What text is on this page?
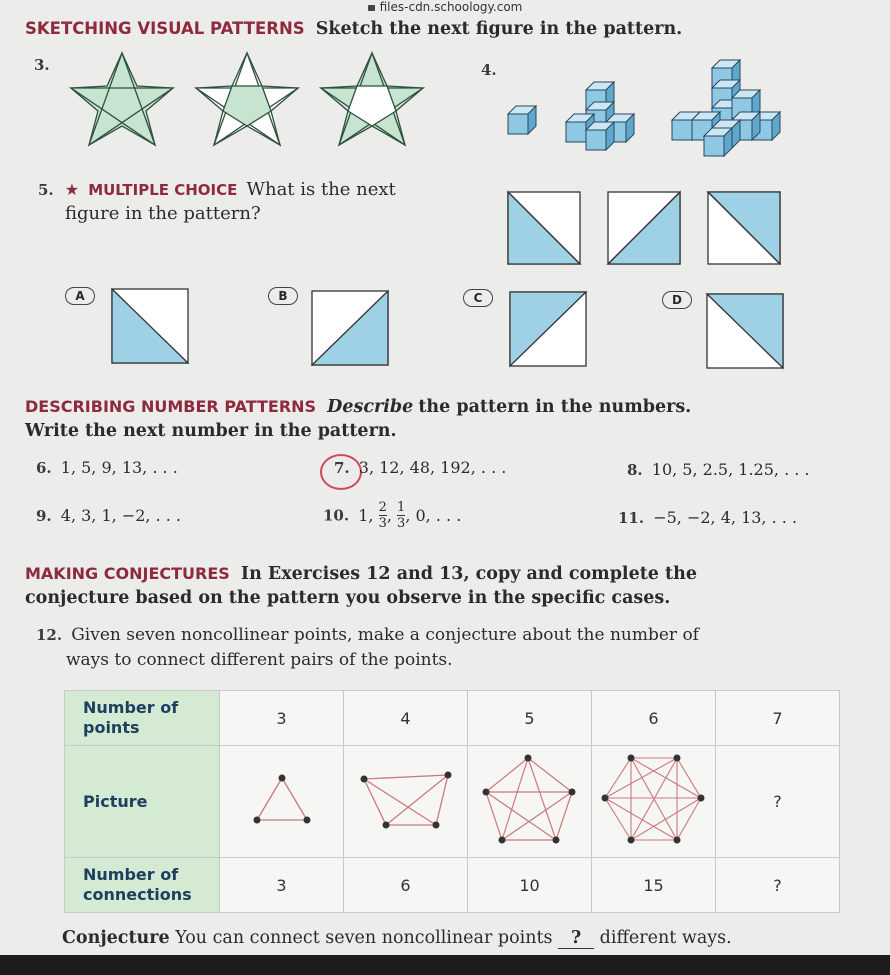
files-cdn.schoology.com
SKETCHING VISUAL PATTERNS Sketch the next figure in the pattern.
3.	4.
5. ★ MULTIPLE CHOICE What is the next
figure in the pattern?
A	B	C	D
DESCRIBING NUMBER PATTERNS Describe the pattern in the numbers.
Write the next number in the pattern.
6. 1, 5, 9, 13, . . .	7. 3, 12, 48, 192, . . .	8. 10, 5, 2.5, 1.25, . . .
9. 4, 3, 1, −2, . . .	10. 1, $\frac{2}{3}$ , $\frac{1}{3}$ , 0, . . .	11. −5, −2, 4, 13, . . .
MAKING CONJECTURES In Exercises 12 and 13, copy and complete the
conjecture based on the pattern you observe in the specific cases.
12. Given seven noncollinear points, make a conjecture about the number of
ways to connect different pairs of the points.
Number of
points	3	4	5	6	7
Picture					?

Number of
connections	3	6	10	15	?
Conjecture You can connect seven noncollinear points ? different ways.
